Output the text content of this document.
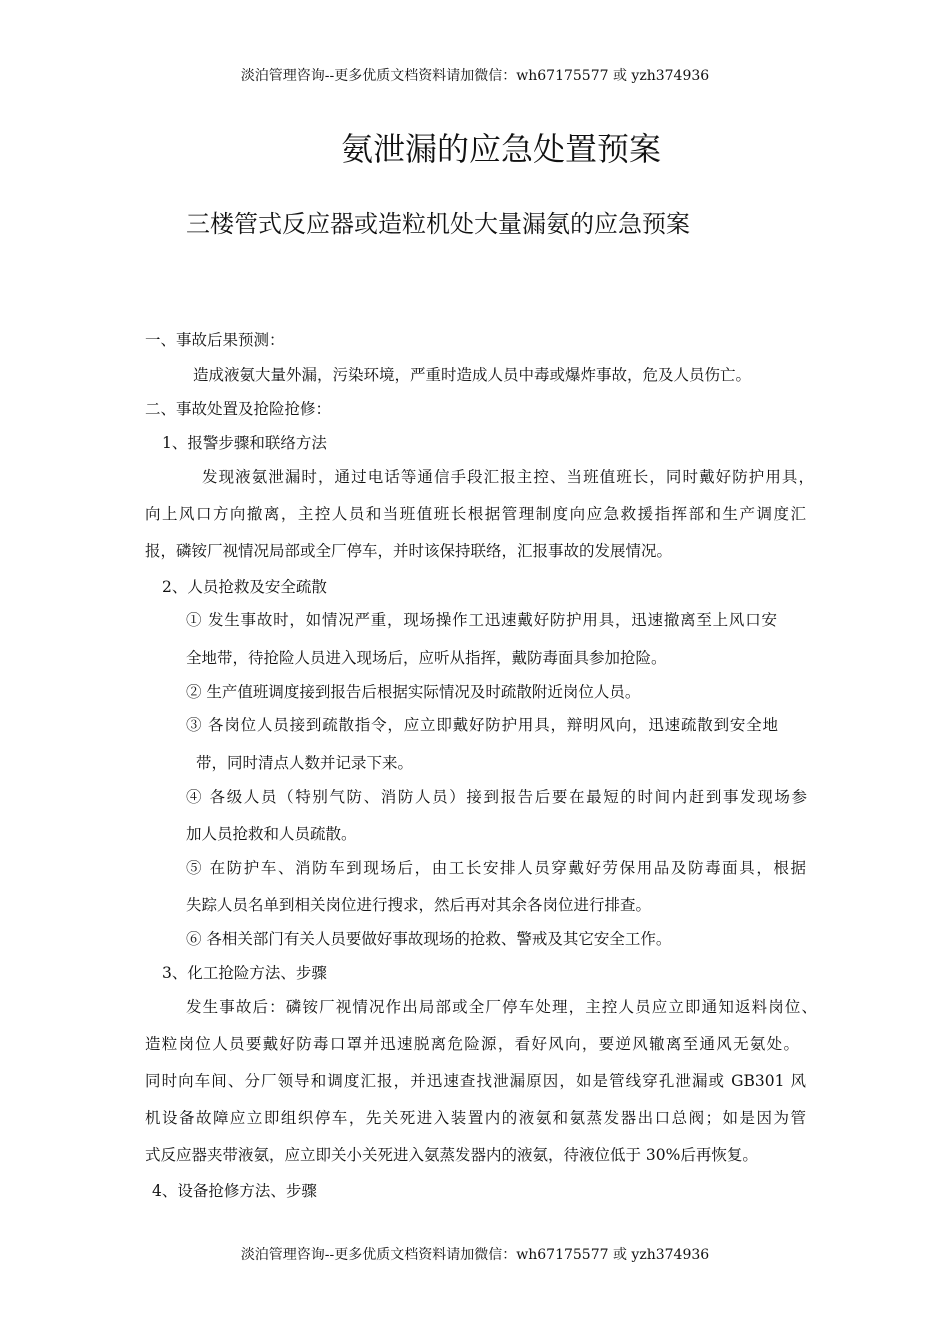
淡泊管理咨询--更多优质文档资料请加微信：wh67175577 或 yzh374936
氨泄漏的应急处置预案
三楼管式反应器或造粒机处大量漏氨的应急预案
一、事故后果预测：
造成液氨大量外漏，污染环境，严重时造成人员中毒或爆炸事故，危及人员伤亡。
二、事故处置及抢险抢修：
1、报警步骤和联络方法
发现液氨泄漏时，通过电话等通信手段汇报主控、当班值班长，同时戴好防护用具，
向上风口方向撤离，主控人员和当班值班长根据管理制度向应急救援指挥部和生产调度汇
报，磷铵厂视情况局部或全厂停车，并时该保持联络，汇报事故的发展情况。
2、人员抢救及安全疏散
① 发生事故时，如情况严重，现场操作工迅速戴好防护用具，迅速撤离至上风口安
全地带，待抢险人员进入现场后，应听从指挥，戴防毒面具参加抢险。
② 生产值班调度接到报告后根据实际情况及时疏散附近岗位人员。
③ 各岗位人员接到疏散指令，应立即戴好防护用具，辩明风向，迅速疏散到安全地
带，同时清点人数并记录下来。
④ 各级人员（特别气防、消防人员）接到报告后要在最短的时间内赶到事发现场参
加人员抢救和人员疏散。
⑤ 在防护车、消防车到现场后，由工长安排人员穿戴好劳保用品及防毒面具，根据
失踪人员名单到相关岗位进行搜求，然后再对其余各岗位进行排查。
⑥ 各相关部门有关人员要做好事故现场的抢救、警戒及其它安全工作。
3、化工抢险方法、步骤
发生事故后：磷铵厂视情况作出局部或全厂停车处理，主控人员应立即通知返料岗位、
造粒岗位人员要戴好防毒口罩并迅速脱离危险源，看好风向，要逆风辙离至通风无氨处。
同时向车间、分厂领导和调度汇报，并迅速查找泄漏原因，如是管线穿孔泄漏或 GB301 风
机设备故障应立即组织停车，先关死进入装置内的液氨和氨蒸发器出口总阀；如是因为管
式反应器夹带液氨，应立即关小关死进入氨蒸发器内的液氨，待液位低于 30%后再恢复。
4、设备抢修方法、步骤
淡泊管理咨询--更多优质文档资料请加微信：wh67175577 或 yzh374936
